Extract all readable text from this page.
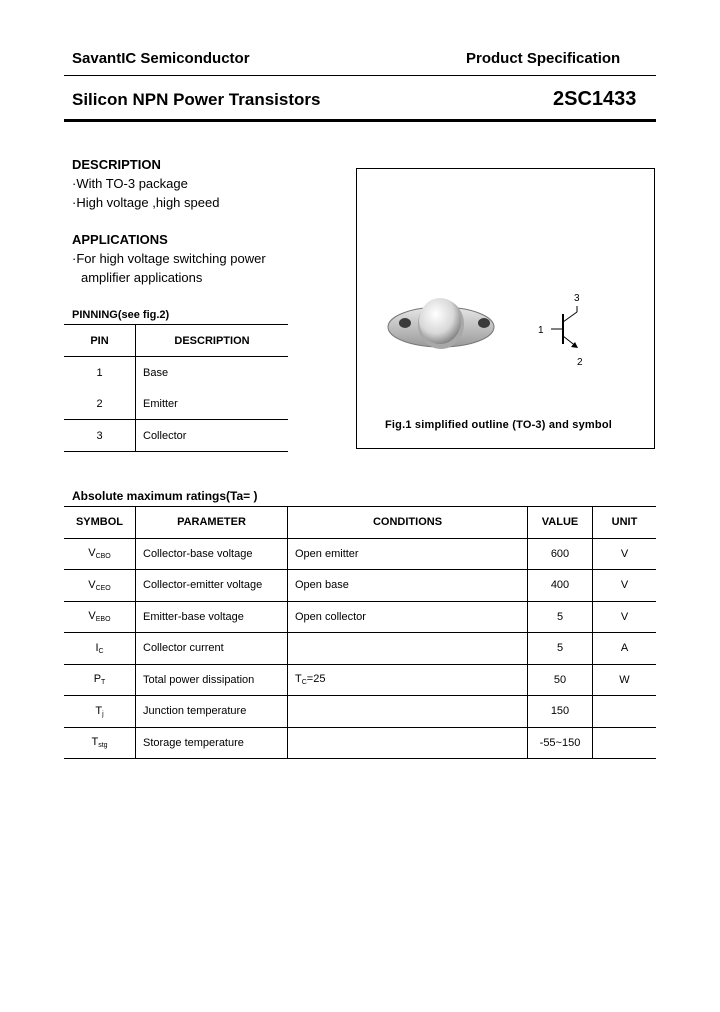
SavantIC Semiconductor	Product Specification
Silicon NPN Power Transistors	2SC1433
DESCRIPTION
·With TO-3 package
·High voltage ,high speed
APPLICATIONS
·For high voltage switching power
amplifier applications
PINNING(see fig.2)
PIN	DESCRIPTION
1	Base
2	Emitter
3	Collector
3
1
2
Fig.1 simplified outline (TO-3) and symbol
Absolute maximum ratings(Ta= )
SYMBOL	PARAMETER	CONDITIONS	VALUE	UNIT
$V_{CBO}$	Collector-base voltage	Open emitter	600	V
$V_{CEO}$	Collector-emitter voltage	Open base	400	V
$V_{EBO}$	Emitter-base voltage	Open collector	5	V
$I_C$	Collector current		5	A
$P_T$	Total power dissipation	$T_C=25$	50	W
$T_j$	Junction temperature		150	
$T_{stg}$	Storage temperature		-55~150	
